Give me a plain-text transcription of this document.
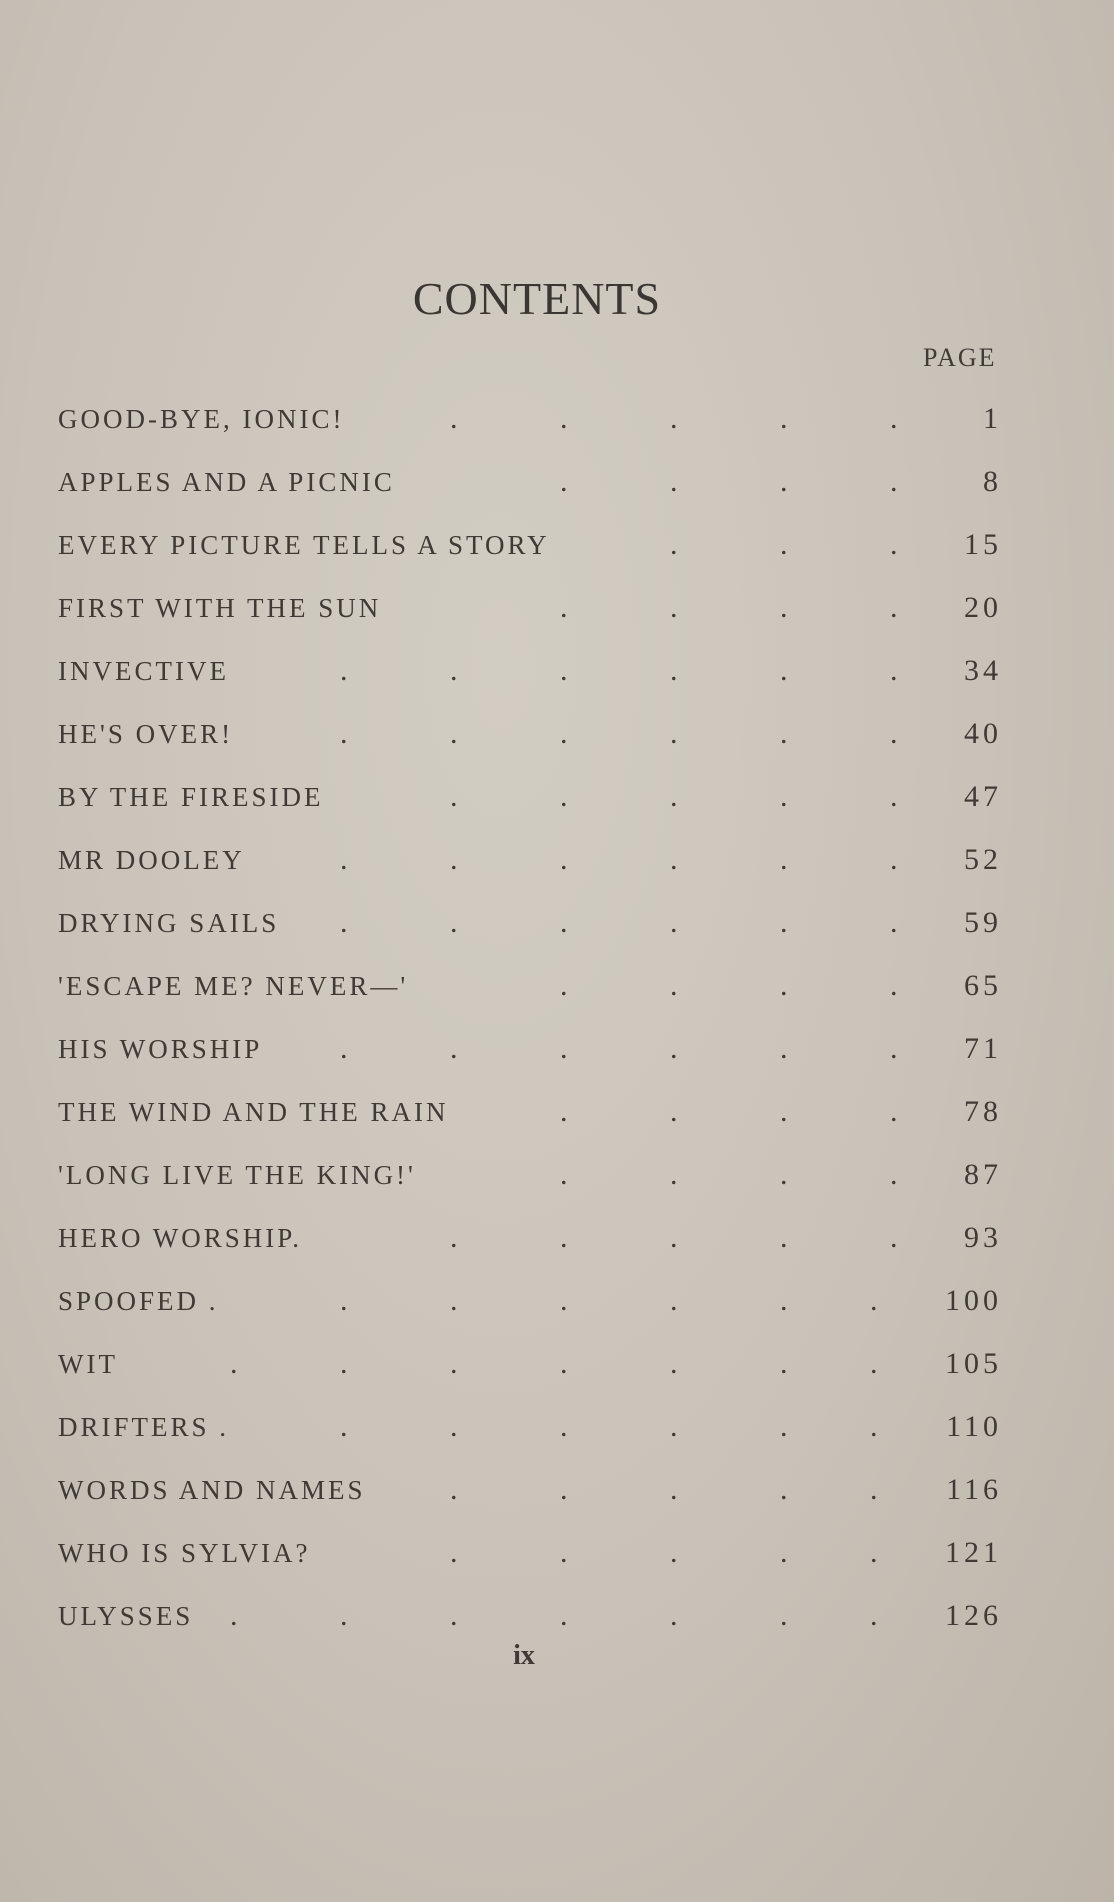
CONTENTS
PAGE
GOOD-BYE, IONIC!	.	.	.	.	.	1
APPLES AND A PICNIC	.	.	.	.	8
EVERY PICTURE TELLS A STORY	.	.	. 15
FIRST WITH THE SUN	.	.	.	. 20
INVECTIVE	.	.	.	.	.	. 34
HE'S OVER!	.	.	.	.	.	. 40
BY THE FIRESIDE	.	.	.	.	. 47
MR DOOLEY	.	.	.	.	.	. 52
DRYING SAILS .	.	.	.	.	. 59
'ESCAPE ME? NEVER—'	.	.	.	. 65
HIS WORSHIP	.	.	.	.	.	. 71
THE WIND AND THE RAIN	.	.	.	. 78
'LONG LIVE THE KING!'	.	.	.	. 87
HERO WORSHIP.	.	.	.	.	. 93
SPOOFED .	.	.	.	.	.	. 100
WIT	.	.	.	.	.	.	. 105
DRIFTERS .	.	.	.	.	.	. 110
WORDS AND NAMES	.	.	.	.	. 116
WHO IS SYLVIA?	.	.	.	.	. 121
ULYSSES .	.	.	.	.	.	. 126
ix
